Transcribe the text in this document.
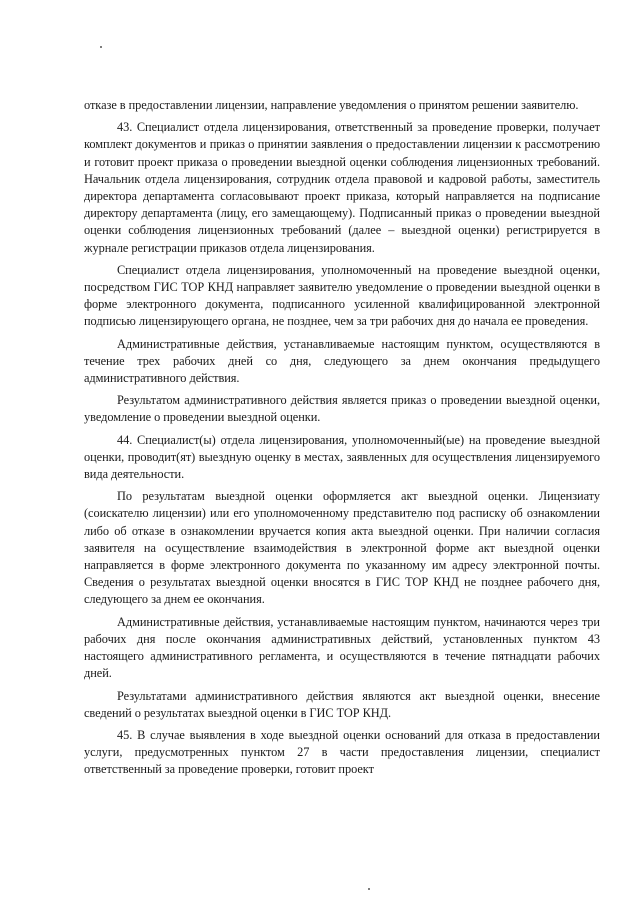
отказе в предоставлении лицензии, направление уведомления о принятом решении заявителю.

43. Специалист отдела лицензирования, ответственный за проведение проверки, получает комплект документов и приказ о принятии заявления о предоставлении лицензии к рассмотрению и готовит проект приказа о проведении выездной оценки соблюдения лицензионных требований. Начальник отдела лицензирования, сотрудник отдела правовой и кадровой работы, заместитель директора департамента согласовывают проект приказа, который направляется на подписание директору департамента (лицу, его замещающему). Подписанный приказ о проведении выездной оценки соблюдения лицензионных требований (далее – выездной оценки) регистрируется в журнале регистрации приказов отдела лицензирования.

Специалист отдела лицензирования, уполномоченный на проведение выездной оценки, посредством ГИС ТОР КНД направляет заявителю уведомление о проведении выездной оценки в форме электронного документа, подписанного усиленной квалифицированной электронной подписью лицензирующего органа, не позднее, чем за три рабочих дня до начала ее проведения.

Административные действия, устанавливаемые настоящим пунктом, осуществляются в течение трех рабочих дней со дня, следующего за днем окончания предыдущего административного действия.

Результатом административного действия является приказ о проведении выездной оценки, уведомление о проведении выездной оценки.

44. Специалист(ы) отдела лицензирования, уполномоченный(ые) на проведение выездной оценки, проводит(ят) выездную оценку в местах, заявленных для осуществления лицензируемого вида деятельности.

По результатам выездной оценки оформляется акт выездной оценки. Лицензиату (соискателю лицензии) или его уполномоченному представителю под расписку об ознакомлении либо об отказе в ознакомлении вручается копия акта выездной оценки. При наличии согласия заявителя на осуществление взаимодействия в электронной форме акт выездной оценки направляется в форме электронного документа по указанному им адресу электронной почты. Сведения о результатах выездной оценки вносятся в ГИС ТОР КНД не позднее рабочего дня, следующего за днем ее окончания.

Административные действия, устанавливаемые настоящим пунктом, начинаются через три рабочих дня после окончания административных действий, установленных пунктом 43 настоящего административного регламента, и осуществляются в течение пятнадцати рабочих дней.

Результатами административного действия являются акт выездной оценки, внесение сведений о результатах выездной оценки в ГИС ТОР КНД.

45. В случае выявления в ходе выездной оценки оснований для отказа в предоставлении услуги, предусмотренных пунктом 27 в части предоставления лицензии, специалист ответственный за проведение проверки, готовит проект
